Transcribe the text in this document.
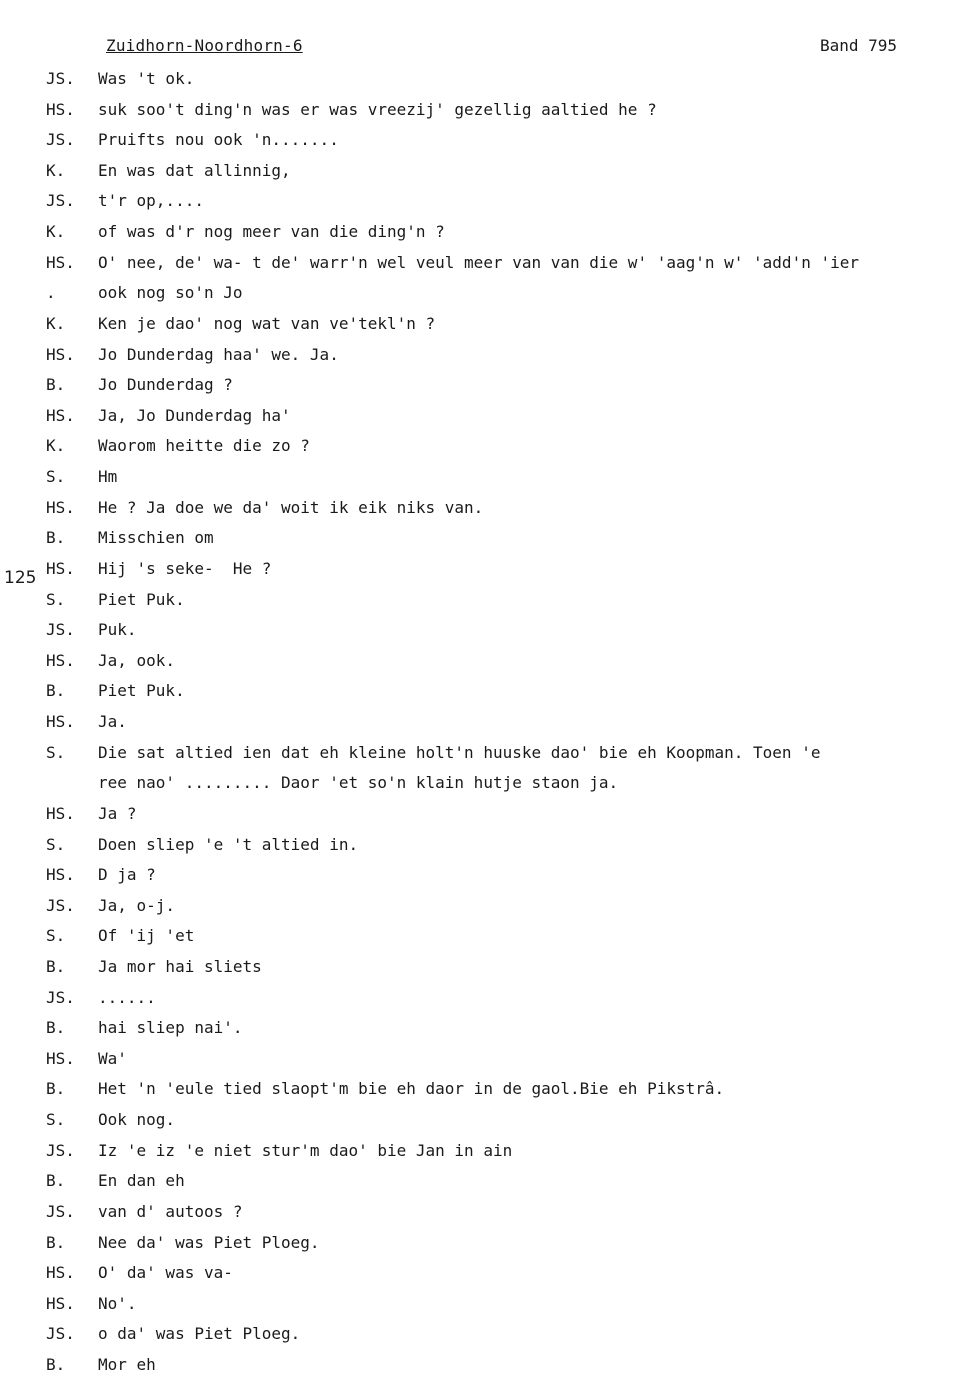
Zuidhorn-Noordhorn-6	Band 795
125
JS.	Was 't ok.
HS.	suk soo't ding'n was er was vreezij' gezellig aaltied he ?
JS.	Pruifts nou ook 'n.......
K.	En was dat allinnig,
JS.	t'r op,....
K.	of was d'r nog meer van die ding'n ?
HS.	O' nee, de' wa- t de' warr'n wel veul meer van van die w' 'aag'n w' 'add'n 'ier
.	ook nog so'n Jo
K.	Ken je dao' nog wat van ve'tekl'n ?
HS.	Jo Dunderdag haa' we. Ja.
B.	Jo Dunderdag ?
HS.	Ja, Jo Dunderdag ha'
K.	Waorom heitte die zo ?
S.	Hm
HS.	He ? Ja doe we da' woit ik eik niks van.
B.	Misschien om
HS.	Hij 's seke-  He ?
S.	Piet Puk.
JS.	Puk.
HS.	Ja, ook.
B.	Piet Puk.
HS.	Ja.
S.	Die sat altied ien dat eh kleine holt'n huuske dao' bie eh Koopman. Toen 'e
ree nao' ......... Daor 'et so'n klain hutje staon ja.
HS.	Ja ?
S.	Doen sliep 'e 't altied in.
HS.	D ja ?
JS.	Ja, o-j.
S.	Of 'ij 'et
B.	Ja mor hai sliets
JS.	......
B.	hai sliep nai'.
HS.	Wa'
B.	Het 'n 'eule tied slaopt'm bie eh daor in de gaol.Bie eh Pikstrâ.
S.	Ook nog.
JS.	Iz 'e iz 'e niet stur'm dao' bie Jan in ain
B.	En dan eh
JS.	van d' autoos ?
B.	Nee da' was Piet Ploeg.
HS.	O' da' was va-
HS.	No'.
JS.	o da' was Piet Ploeg.
B.	Mor eh
